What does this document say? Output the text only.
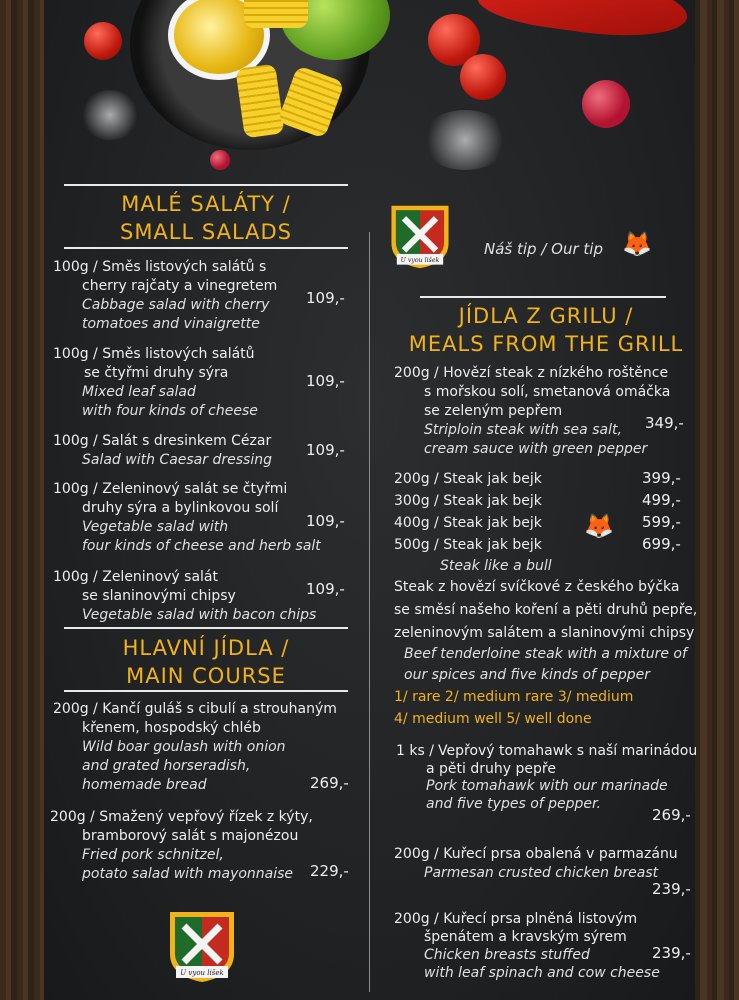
MALÉ SALÁTY /
SMALL SALADS
100g / Směs listových salátů s
cherry rajčaty a vinegretem
Cabbage salad with cherry
tomatoes and vinaigrette
109,-
100g / Směs listových salátů
se čtyřmi druhy sýra
Mixed leaf salad
with four kinds of cheese
109,-
100g / Salát s dresinkem Cézar
Salad with Caesar dressing
109,-
100g / Zeleninový salát se čtyřmi
druhy sýra a bylinkovou solí
Vegetable salad with
four kinds of cheese and herb salt
109,-
100g / Zeleninový salát
se slaninovými chipsy
Vegetable salad with bacon chips
109,-
HLAVNÍ JÍDLA /
MAIN COURSE
200g / Kančí guláš s cibulí a strouhaným
křenem, hospodský chléb
Wild boar goulash with onion
and grated horseradish,
homemade bread	269,-
200g / Smažený vepřový řízek z kýty,
bramborový salát s majonézou
Fried pork schnitzel,
potato salad with mayonnaise 229,-
U vyou lišek
U vyou lišek
Náš tip / Our tip 🦊
JÍDLA Z GRILU /
MEALS FROM THE GRILL
200g / Hovězí steak z nízkého roštěnce
s mořskou solí, smetanová omáčka
se zeleným pepřem
Striploin steak with sea salt,
cream sauce with green pepper
349,-
200g / Steak jak bejk	399,-
300g / Steak jak bejk	499,-
400g / Steak jak bejk	599,-
500g / Steak jak bejk	699,-
🦊
Steak like a bull
Steak z hovězí svíčkové z českého býčka
se směsí našeho koření a pěti druhů pepře,
zeleninovým salátem a slaninovými chipsy
Beef tenderloine steak with a mixture of
our spices and five kinds of pepper
1/ rare 2/ medium rare 3/ medium
4/ medium well 5/ well done
1 ks / Vepřový tomahawk s naší marinádou
a pěti druhy pepře
Pork tomahawk with our marinade
and five types of pepper.
269,-
200g / Kuřecí prsa obalená v parmazánu
Parmesan crusted chicken breast
239,-
200g / Kuřecí prsa plněná listovým
špenátem a kravským sýrem
Chicken breasts stuffed
with leaf spinach and cow cheese
239,-
